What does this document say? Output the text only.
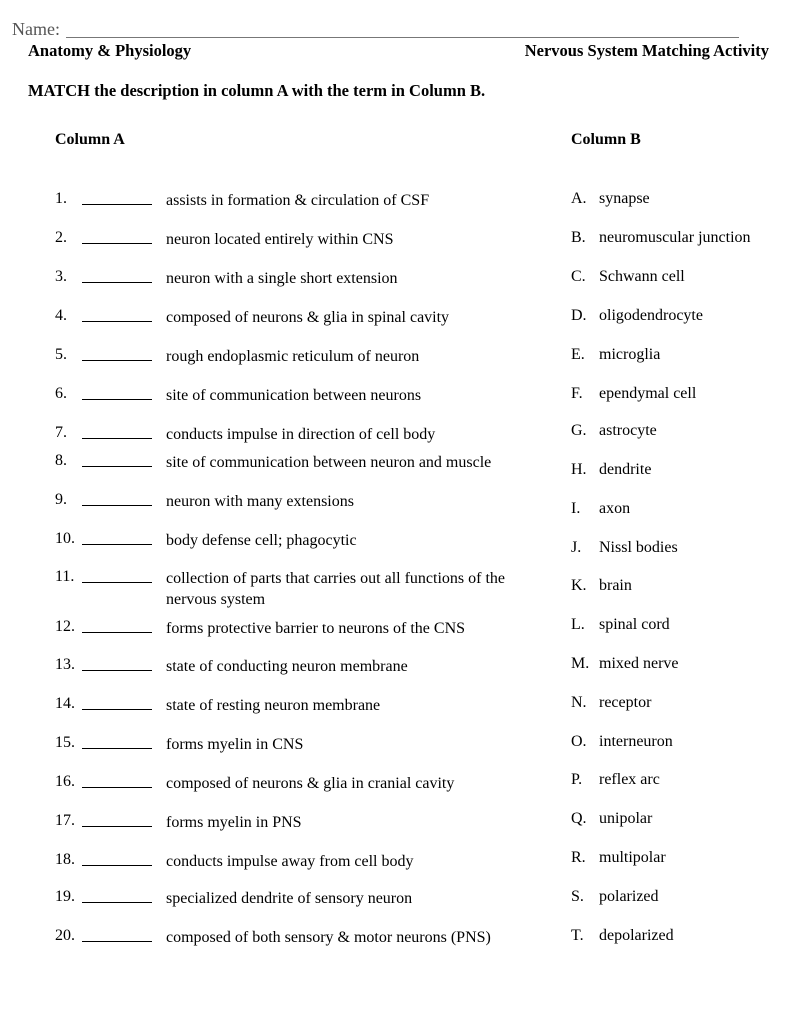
Name:
Anatomy & Physiology	Nervous System Matching Activity
MATCH the description in column A with the term in Column B.
Column A	Column B
1.	assists in formation & circulation of CSF
2.	neuron located entirely within CNS
3.	neuron with a single short extension
4.	composed of neurons & glia in spinal cavity
5.	rough endoplasmic reticulum of neuron
6.	site of communication between neurons
7.	conducts impulse in direction of cell body
8.	site of communication between neuron and muscle
9.	neuron with many extensions
10.	body defense cell; phagocytic
11.	collection of parts that carries out all functions of the
nervous system
12.	forms protective barrier to neurons of the CNS
13.	state of conducting neuron membrane
14.	state of resting neuron membrane
15.	forms myelin in CNS
16.	composed of neurons & glia in cranial cavity
17.	forms myelin in PNS
18.	conducts impulse away from cell body
19.	specialized dendrite of sensory neuron
20.	composed of both sensory & motor neurons (PNS)
A. synapse
B. neuromuscular junction
C. Schwann cell
D. oligodendrocyte
E. microglia
F. ependymal cell
G. astrocyte
H. dendrite
I. axon
J. Nissl bodies
K. brain
L. spinal cord
M. mixed nerve
N. receptor
O. interneuron
P. reflex arc
Q. unipolar
R. multipolar
S. polarized
T. depolarized
